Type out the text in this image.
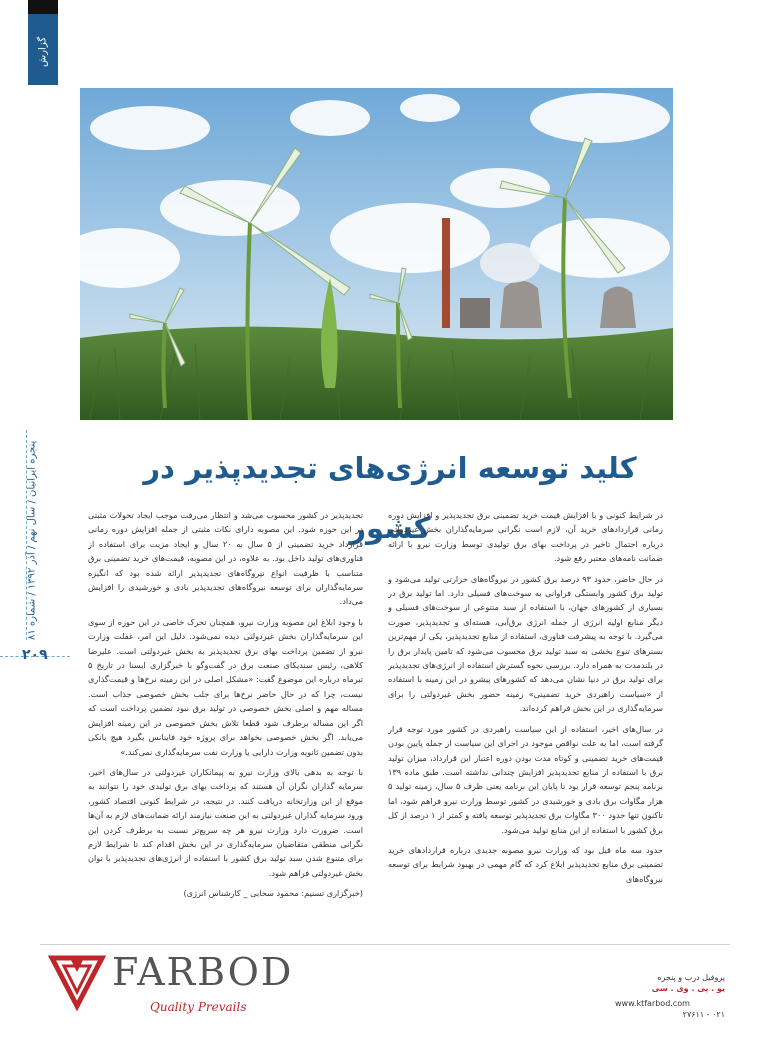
گزارش
پنجره ایرانیان / سال نهم / آذر ۱۳۹۲ / شماره ۸۱
۲۰۹
کلید توسعه انرژی‌های تجدیدپذیر در کشور

در شرایط کنونی و با افزایش قیمت خرید تضمینی برق تجدیدپذیر و افزایش دوره زمانی قراردادهای خرید آن، لازم است نگرانی سرمایه‌گذاران بخش غیردولتی درباره احتمال تاخیر در پرداخت بهای برق تولیدی توسط وزارت نیرو با ارائه ضمانت نامه‌های معتبر رفع شود.

در حال حاضر، حدود ۹۳ درصد برق کشور در نیروگاه‌های حرارتی تولید می‌شود و تولید برق کشور وابستگی فراوانی به سوخت‌های فسیلی دارد. اما تولید برق در بسیاری از کشورهای جهان، با استفاده از سبد متنوعی از سوخت‌های فسیلی و دیگر منابع اولیه انرژی از جمله انرژی برق‌آبی، هسته‌ای و تجدیدپذیر، صورت می‌گیرد. با توجه به پیشرفت فناوری، استفاده از منابع تجدیدپذیر، یکی از مهم‌ترین بسترهای تنوع بخشی به سبد تولید برق محسوب می‌شود که تامین پایدار برق را در بلندمدت به همراه دارد. بررسی نحوه گسترش استفاده از انرژی‌های تجدیدپذیر برای تولید برق در دنیا نشان می‌دهد که کشورهای پیشرو در این زمینه با استفاده از «سیاست راهبردی خرید تضمینی» زمینه حضور بخش غیردولتی را برای سرمایه‌گذاری در این بخش فراهم کرده‌اند.

در سال‌های اخیر، استفاده از این سیاست راهبردی در کشور مورد توجه قرار گرفته است، اما به علت نواقص موجود در اجرای این سیاست از جمله پایین بودن قیمت‌های خرید تضمینی و کوتاه مدت بودن دوره اعتبار این قرارداد، میزان تولید برق با استفاده از منابع تجدیدپذیر افزایش چندانی نداشته است. طبق ماده ۱۳۹ برنامه پنجم توسعه قرار بود تا پایان این برنامه یعنی ظرف ۵ سال، زمینه تولید ۵ هزار مگاوات برق بادی و خورشیدی در کشور توسط وزارت نیرو فراهم شود، اما تاکنون تنها حدود ۳۰۰ مگاوات برق تجدیدپذیر توسعه یافته و کمتر از ۱ درصد از کل برق کشور با استفاده از این منابع تولید می‌شود.

حدود سه ماه قبل بود که وزارت نیرو مصوبه جدیدی درباره قراردادهای خرید تضمینی برق منابع تجدیدپذیر ابلاغ کرد که گام مهمی در بهبود شرایط برای توسعه نیروگاه‌های

تجدیدپذیر در کشور محسوب می‌شد و انتظار می‌رفت موجب ایجاد تحولات مثبتی در این حوزه شود. این مصوبه دارای نکات مثبتی از جمله افزایش دوره زمانی قرارداد خرید تضمینی از ۵ سال به ۲۰ سال و ایجاد مزیت برای استفاده از فناوری‌های تولید داخل بود. به علاوه، در این مصوبه، قیمت‌های خرید تضمینی برق متناسب با ظرفیت انواع نیروگاه‌های تجدیدپذیر ارائه شده بود که انگیزه سرمایه‌گذاران برای توسعه نیروگاه‌های تجدیدپذیر بادی و خورشیدی را افزایش می‌داد.

با وجود ابلاغ این مصوبه وزارت نیرو، همچنان تحرک خاصی در این حوزه از سوی این سرمایه‌گذاران بخش غیردولتی دیده نمی‌شود. دلیل این امر، غفلت وزارت نیرو از تضمین پرداخت بهای برق تجدیدپذیر به بخش غیردولتی است. علیرضا کلاهی، رئیس سندیکای صنعت برق در گفت‌وگو با خبرگزاری ایسنا در تاریخ ۵ تیرماه درباره این موضوع گفت: «مشکل اصلی در این زمینه نرخ‌ها و قیمت‌گذاری نیست، چرا که در حال حاضر نرخ‌ها برای جلب بخش خصوصی جذاب است. مساله مهم و اصلی بخش خصوصی در تولید برق نبود تضمین پرداخت است که اگر این مساله برطرف شود قطعا تلاش بخش خصوصی در این زمینه افزایش می‌یابد. اگر بخش خصوصی بخواهد برای پروژه خود فاینانس بگیرد هیچ بانکی بدون تضمین ثانویه وزارت دارایی یا وزارت نفت سرمایه‌گذاری نمی‌کند.»

با توجه به بدهی بالای وزارت نیرو به پیمانکاران غیردولتی در سال‌های اخیر، سرمایه گذاران نگران آن هستند که پرداخت بهای برق تولیدی خود را نتوانند به موقع از این وزارتخانه دریافت کنند. در نتیجه، در شرایط کنونی اقتصاد کشور، ورود سرمایه گذاران غیردولتی به این صنعت نیازمند ارائه ضمانت‌های لازم به آن‌ها است. ضرورت دارد وزارت نیرو هر چه سریع‌تر نسبت به برطرف کردن این نگرانی منطقی متقاضیان سرمایه‌گذاری در این بخش اقدام کند تا شرایط لازم برای متنوع شدن سبد تولید برق کشور با استفاده از انرژی‌های تجدیدپذیر با توان بخش غیردولتی فراهم شود.

(خبرگزاری تسنیم: محمود سحابی _ کارشناس انرژی)

FARBOD
Quality Prevails
پروفیل درب و پنجره
یو . پی . وی . سی
www.ktfarbod.com
۰۲۱ - ۲۷۶۱۱
